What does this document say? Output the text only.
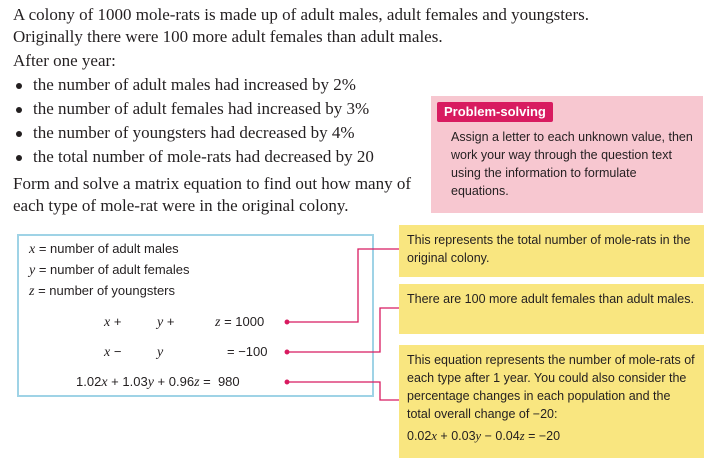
A colony of 1000 mole-rats is made up of adult males, adult females and youngsters. Originally there were 100 more adult females than adult males.
After one year:
the number of adult males had increased by 2%
the number of adult females had increased by 3%
the number of youngsters had decreased by 4%
the total number of mole-rats had decreased by 20
Form and solve a matrix equation to find out how many of each type of mole-rat were in the original colony.
Problem-solving
Assign a letter to each unknown value, then work your way through the question text using the information to formulate equations.
x = number of adult males
y = number of adult females
z = number of youngsters
x +	y +	z = 1000
x −	y	= −100
1.02x + 1.03y + 0.96z =  980
This represents the total number of mole-rats in the original colony.
There are 100 more adult females than adult males.
This equation represents the number of mole-rats of each type after 1 year. You could also consider the percentage changes in each population and the total overall change of −20:
0.02x + 0.03y − 0.04z = −20
